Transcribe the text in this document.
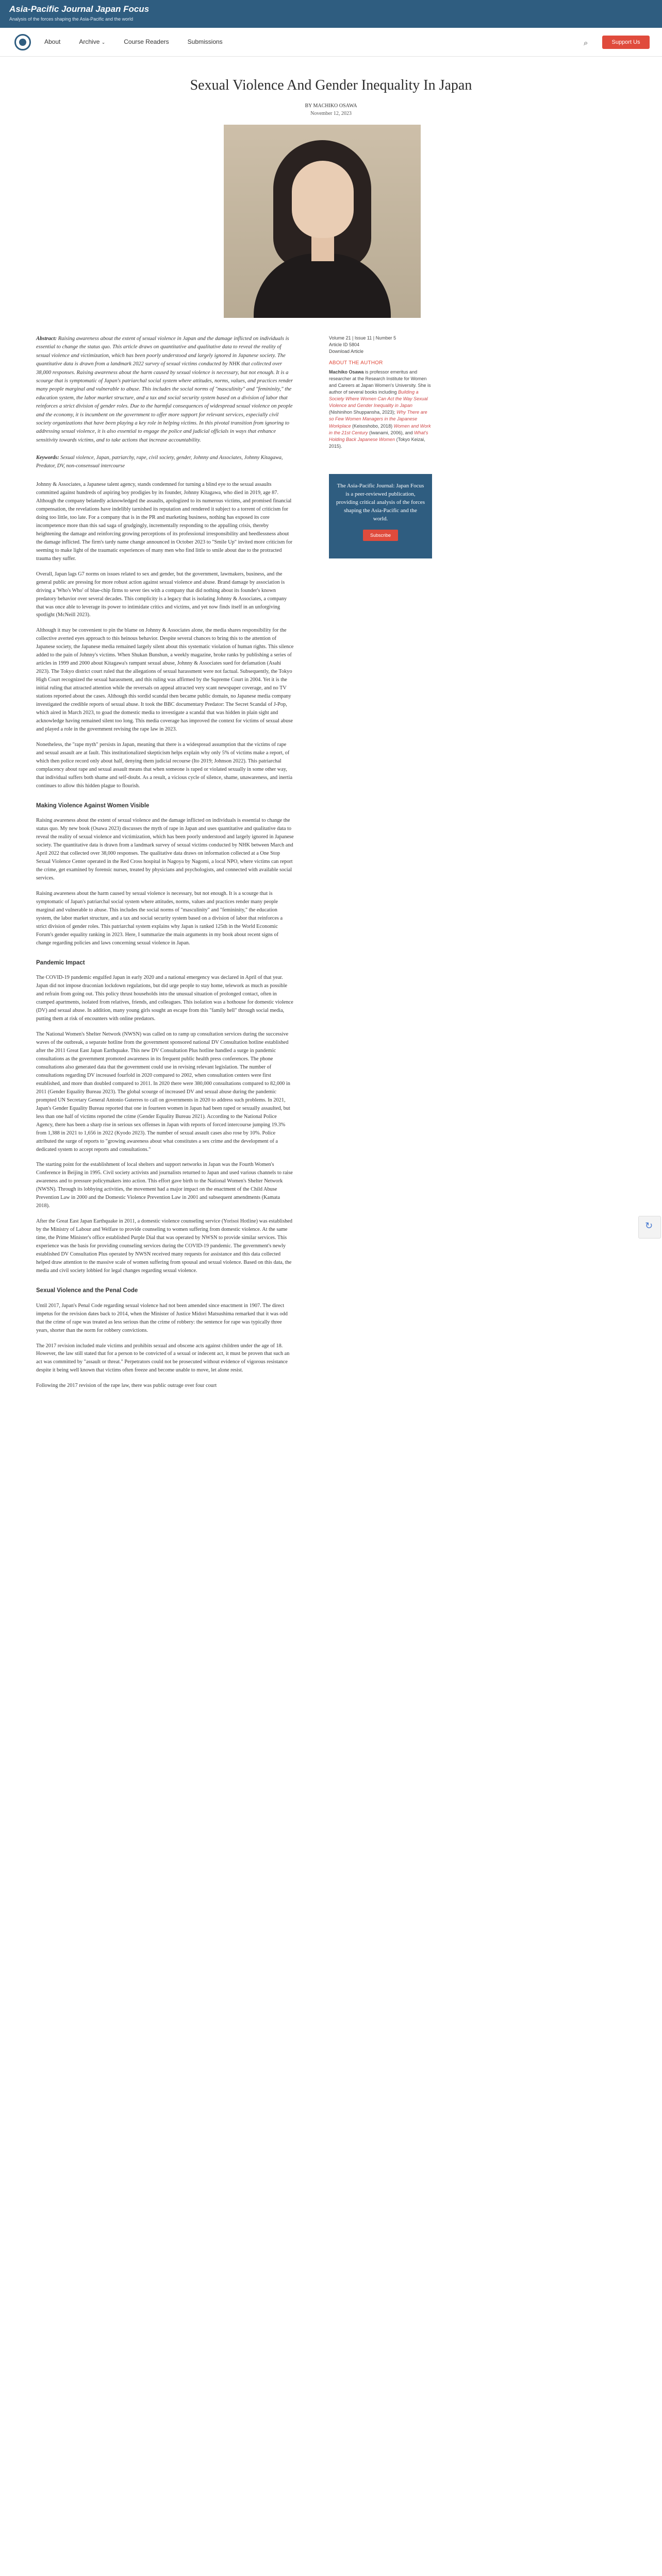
Asia-Pacific Journal Japan Focus
Analysis of the forces shaping the Asia-Pacific and the world
About	Archive ⌄	Course Readers	Submissions	⌕	Support Us
Sexual Violence And Gender Inequality In Japan
BY MACHIKO OSAWA
November 12, 2023

Abstract: Raising awareness about the extent of sexual violence in Japan and the damage inflicted on individuals is essential to change the status quo. This article draws on quantitative and qualitative data to reveal the reality of sexual violence and victimization, which has been poorly understood and largely ignored in Japanese society. The quantitative data is drawn from a landmark 2022 survey of sexual victims conducted by NHK that collected over 38,000 responses. Raising awareness about the harm caused by sexual violence is necessary, but not enough. It is a scourge that is symptomatic of Japan's patriarchal social system where attitudes, norms, values, and practices render many people marginal and vulnerable to abuse. This includes the social norms of "masculinity" and "femininity," the education system, the labor market structure, and a tax and social security system based on a division of labor that reinforces a strict division of gender roles. Due to the harmful consequences of widespread sexual violence on people and the economy, it is incumbent on the government to offer more support for relevant services, especially civil society organizations that have been playing a key role in helping victims. In this pivotal transition from ignoring to addressing sexual violence, it is also essential to engage the police and judicial officials in ways that enhance sensitivity towards victims, and to take actions that increase accountability.

Keywords: Sexual violence, Japan, patriarchy, rape, civil society, gender, Johnny and Associates, Johnny Kitagawa, Predator, DV, non-consensual intercourse

Johnny & Associates, a Japanese talent agency, stands condemned for turning a blind eye to the sexual assaults committed against hundreds of aspiring boy prodigies by its founder, Johnny Kitagawa, who died in 2019, age 87. Although the company belatedly acknowledged the assaults, apologized to its numerous victims, and promised financial compensation, the revelations have indelibly tarnished its reputation and rendered it subject to a torrent of criticism for doing too little, too late. For a company that is in the PR and marketing business, nothing has exposed its core incompetence more than this sad saga of grudgingly, incrementally responding to the appalling crisis, thereby heightening the damage and reinforcing growing perceptions of its professional irresponsibility and heedlessness about the damage inflicted. The firm's tardy name change announced in October 2023 to "Smile Up" invited more criticism for seeming to make light of the traumatic experiences of many men who find little to smile about due to the protracted trauma they suffer.

Overall, Japan lags G7 norms on issues related to sex and gender, but the government, lawmakers, business, and the general public are pressing for more robust action against sexual violence and abuse. Brand damage by association is driving a 'Who's Who' of blue-chip firms to sever ties with a company that did nothing about its founder's known predatory behavior over several decades. This complicity is a legacy that is isolating Johnny & Associates, a company that was once able to leverage its power to intimidate critics and victims, and yet now finds itself in an unforgiving spotlight (McNeill 2023).

Although it may be convenient to pin the blame on Johnny & Associates alone, the media shares responsibility for the collective averted eyes approach to this heinous behavior. Despite several chances to bring this to the attention of Japanese society, the Japanese media remained largely silent about this systematic violation of human rights. This silence added to the pain of Johnny's victims. When Shukan Bunshun, a weekly magazine, broke ranks by publishing a series of articles in 1999 and 2000 about Kitagawa's rampant sexual abuse, Johnny & Associates sued for defamation (Asahi 2023). The Tokyo district court ruled that the allegations of sexual harassment were not factual. Subsequently, the Tokyo High Court recognized the sexual harassment, and this ruling was affirmed by the Supreme Court in 2004. Yet it is the initial ruling that attracted attention while the reversals on appeal attracted very scant newspaper coverage, and no TV stations reported about the cases. Although this sordid scandal then became public domain, no Japanese media company investigated the credible reports of sexual abuse. It took the BBC documentary Predator: The Secret Scandal of J-Pop, which aired in March 2023, to goad the domestic media to investigate a scandal that was hidden in plain sight and acknowledge having remained silent too long. This media coverage has improved the context for victims of sexual abuse and played a role in the government revising the rape law in 2023.

Nonetheless, the "rape myth" persists in Japan, meaning that there is a widespread assumption that the victims of rape and sexual assault are at fault. This institutionalized skepticism helps explain why only 5% of victims make a report, of which then police record only about half, denying them judicial recourse (Ito 2019; Johnson 2022). This patriarchal complacency about rape and sexual assault means that when someone is raped or violated sexually in some other way, that individual suffers both shame and self-doubt. As a result, a vicious cycle of silence, shame, unawareness, and inertia continues to allow this hidden plague to flourish.

Making Violence Against Women Visible

Raising awareness about the extent of sexual violence and the damage inflicted on individuals is essential to change the status quo. My new book (Osawa 2023) discusses the myth of rape in Japan and uses quantitative and qualitative data to reveal the reality of sexual violence and victimization, which has been poorly understood and largely ignored in Japanese society. The quantitative data is drawn from a landmark survey of sexual victims conducted by NHK between March and April 2022 that collected over 38,000 responses. The qualitative data draws on information collected at a One Stop Sexual Violence Center operated in the Red Cross hospital in Nagoya by Nagomi, a local NPO, where victims can report the crime, get examined by forensic nurses, treated by physicians and psychologists, and connected with available social services.

Raising awareness about the harm caused by sexual violence is necessary, but not enough. It is a scourge that is symptomatic of Japan's patriarchal social system where attitudes, norms, values and practices render many people marginal and vulnerable to abuse. This includes the social norms of "masculinity" and "femininity," the education system, the labor market structure, and a tax and social security system based on a division of labor that reinforces a strict division of gender roles. This patriarchal system explains why Japan is ranked 125th in the World Economic Forum's gender equality ranking in 2023. Here, I summarize the main arguments in my book about recent signs of change regarding policies and laws concerning sexual violence in Japan.

Pandemic Impact

The COVID-19 pandemic engulfed Japan in early 2020 and a national emergency was declared in April of that year. Japan did not impose draconian lockdown regulations, but did urge people to stay home, telework as much as possible and refrain from going out. This policy thrust households into the unusual situation of prolonged contact, often in cramped apartments, isolated from relatives, friends, and colleagues. This isolation was a hothouse for domestic violence (DV) and sexual abuse. In addition, many young girls sought an escape from this "family hell" through social media, putting them at risk of encounters with online predators.

The National Women's Shelter Network (NWSN) was called on to ramp up consultation services during the successive waves of the outbreak, a separate hotline from the government sponsored national DV Consultation hotline established after the 2011 Great East Japan Earthquake. This new DV Consultation Plus hotline handled a surge in pandemic consultations as the government promoted awareness in its frequent public health press conferences. The phone consultations also generated data that the government could use in revising relevant legislation. The number of consultations regarding DV increased fourfold in 2020 compared to 2002, when consultation centers were first established, and more than doubled compared to 2011. In 2020 there were 380,000 consultations compared to 82,000 in 2011 (Gender Equality Bureau 2023). The global scourge of increased DV and sexual abuse during the pandemic prompted UN Secretary General Antonio Guterres to call on governments in 2020 to address such problems. In 2021, Japan's Gender Equality Bureau reported that one in fourteen women in Japan had been raped or sexually assaulted, but less than one half of victims reported the crime (Gender Equality Bureau 2021). According to the National Police Agency, there has been a sharp rise in serious sex offenses in Japan with reports of forced intercourse jumping 19.3% from 1,388 in 2021 to 1,656 in 2022 (Kyodo 2023). The number of sexual assault cases also rose by 10%. Police attributed the surge of reports to "growing awareness about what constitutes a sex crime and the development of a dedicated system to accept reports and consultations."

The starting point for the establishment of local shelters and support networks in Japan was the Fourth Women's Conference in Beijing in 1995. Civil society activists and journalists returned to Japan and used various channels to raise awareness and to pressure policymakers into action. This effort gave birth to the National Women's Shelter Network (NWSN). Through its lobbying activities, the movement had a major impact on the enactment of the Child Abuse Prevention Law in 2000 and the Domestic Violence Prevention Law in 2001 and subsequent amendments (Kamata 2018).

After the Great East Japan Earthquake in 2011, a domestic violence counseling service (Yorisoi Hotline) was established by the Ministry of Labour and Welfare to provide counseling to women suffering from domestic violence. At the same time, the Prime Minister's office established Purple Dial that was operated by NWSN to provide similar services. This experience was the basis for providing counseling services during the COVID-19 pandemic. The government's newly established DV Consultation Plus operated by NWSN received many requests for assistance and this data collected helped draw attention to the massive scale of women suffering from spousal and sexual violence. Based on this data, the media and civil society lobbied for legal changes regarding sexual violence.

Sexual Violence and the Penal Code

Until 2017, Japan's Penal Code regarding sexual violence had not been amended since enactment in 1907. The direct impetus for the revision dates back to 2014, when the Minister of Justice Midori Matsushima remarked that it was odd that the crime of rape was treated as less serious than the crime of robbery: the sentence for rape was typically three years, shorter than the norm for robbery convictions.

The 2017 revision included male victims and prohibits sexual and obscene acts against children under the age of 18. However, the law still stated that for a person to be convicted of a sexual or indecent act, it must be proven that such an act was committed by "assault or threat." Perpetrators could not be prosecuted without evidence of vigorous resistance despite it being well known that victims often freeze and become unable to move, let alone resist.

Following the 2017 revision of the rape law, there was public outrage over four court

Volume 21 | Issue 11 | Number 5
Article ID 5804
Download Article
ABOUT THE AUTHOR
Machiko Osawa is professor emeritus and researcher at the Research Institute for Women and Careers at Japan Women's University. She is author of several books including Building a Society Where Women Can Act the Way Sexual Violence and Gender Inequality in Japan (Nishinihon Shuppansha, 2023); Why There are so Few Women Managers in the Japanese Workplace (Keisoshobo, 2018) Women and Work in the 21st Century (Iwanami, 2006), and What's Holding Back Japanese Women (Tokyo Keizai, 2015).
The Asia-Pacific Journal: Japan Focus is a peer-reviewed publication, providing critical analysis of the forces shaping the Asia-Pacific and the world.
Subscribe
↻
